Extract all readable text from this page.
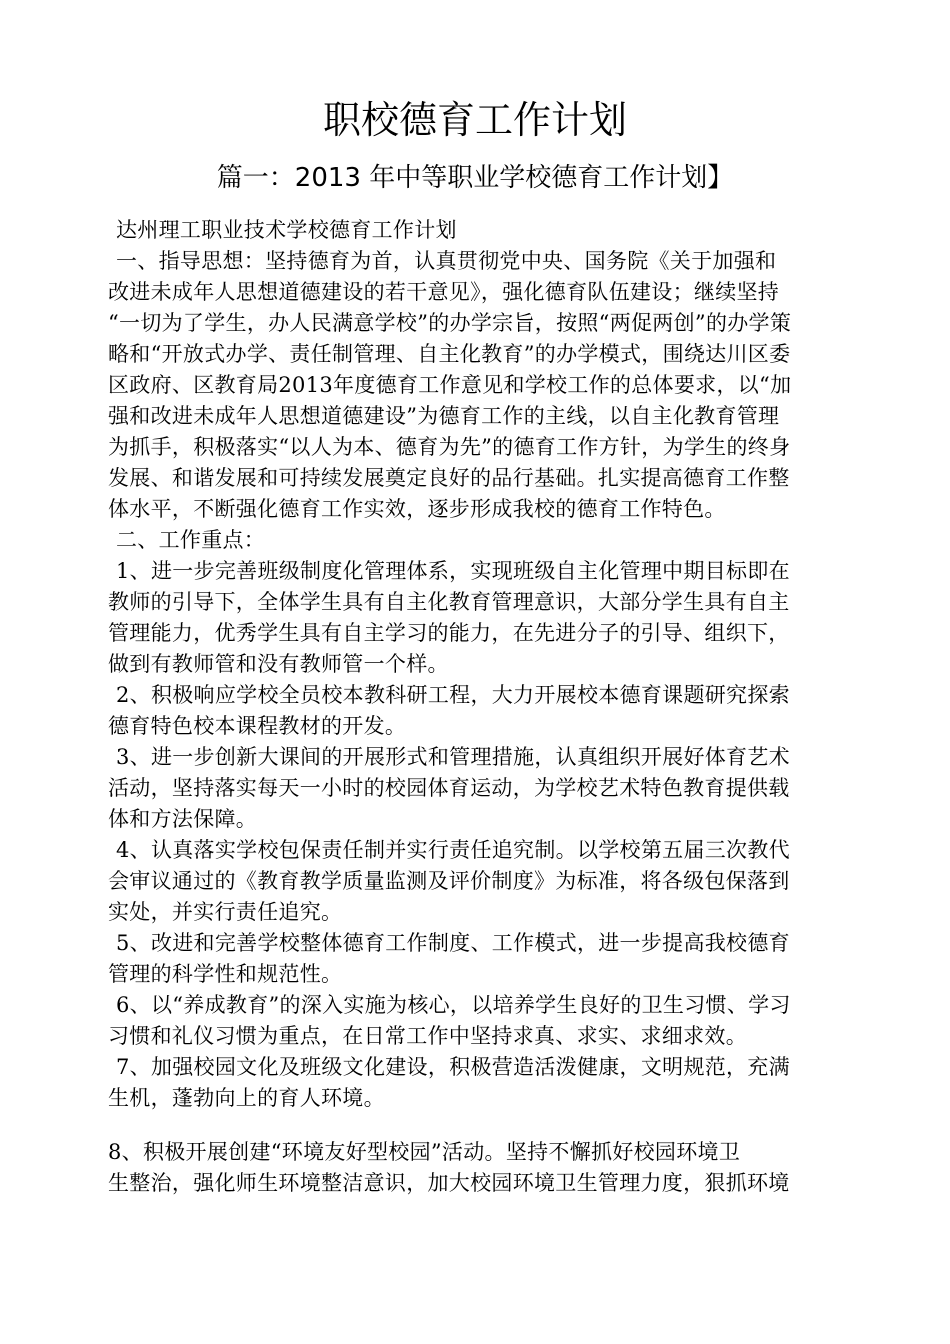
职校德育工作计划
篇一：2013 年中等职业学校德育工作计划】
达州理工职业技术学校德育工作计划
一、指导思想：坚持德育为首，认真贯彻党中央、国务院《关于加强和
改进未成年人思想道德建设的若干意见》，强化德育队伍建设；继续坚持
“一切为了学生，办人民满意学校”的办学宗旨，按照“两促两创”的办学策
略和“开放式办学、责任制管理、自主化教育”的办学模式，围绕达川区委
区政府、区教育局2013年度德育工作意见和学校工作的总体要求，以“加
强和改进未成年人思想道德建设”为德育工作的主线，以自主化教育管理
为抓手，积极落实“以人为本、德育为先”的德育工作方针，为学生的终身
发展、和谐发展和可持续发展奠定良好的品行基础。扎实提高德育工作整
体水平，不断强化德育工作实效，逐步形成我校的德育工作特色。
二、工作重点：
1、进一步完善班级制度化管理体系，实现班级自主化管理中期目标即在
教师的引导下，全体学生具有自主化教育管理意识，大部分学生具有自主
管理能力，优秀学生具有自主学习的能力，在先进分子的引导、组织下，
做到有教师管和没有教师管一个样。
2、积极响应学校全员校本教科研工程，大力开展校本德育课题研究探索
德育特色校本课程教材的开发。
3、进一步创新大课间的开展形式和管理措施，认真组织开展好体育艺术
活动，坚持落实每天一小时的校园体育运动，为学校艺术特色教育提供载
体和方法保障。
4、认真落实学校包保责任制并实行责任追究制。以学校第五届三次教代
会审议通过的《教育教学质量监测及评价制度》为标准，将各级包保落到
实处，并实行责任追究。
5、改进和完善学校整体德育工作制度、工作模式，进一步提高我校德育
管理的科学性和规范性。
6、以“养成教育”的深入实施为核心，以培养学生良好的卫生习惯、学习
习惯和礼仪习惯为重点，在日常工作中坚持求真、求实、求细求效。
7、加强校园文化及班级文化建设，积极营造活泼健康，文明规范，充满
生机，蓬勃向上的育人环境。
8、积极开展创建“环境友好型校园”活动。坚持不懈抓好校园环境卫
生整治，强化师生环境整洁意识，加大校园环境卫生管理力度，狠抓环境
